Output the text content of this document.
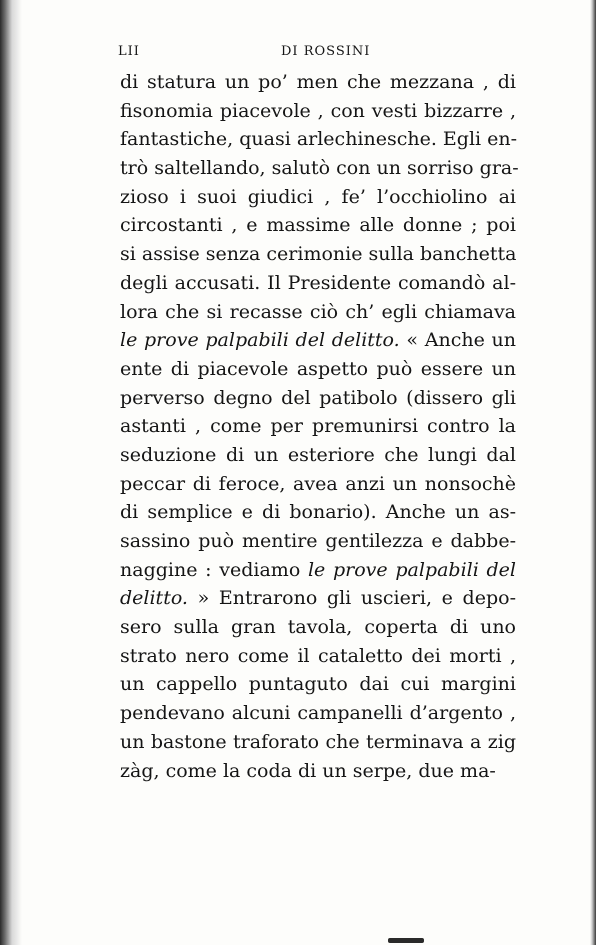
LII	DI ROSSINI
di statura un po’ men che mezzana , di
fisonomia piacevole , con vesti bizzarre ,
fantastiche, quasi arlechinesche. Egli en-
trò saltellando, salutò con un sorriso gra-
zioso i suoi giudici , fe’ l’occhiolino ai
circostanti , e massime alle donne ; poi
si assise senza cerimonie sulla banchetta
degli accusati. Il Presidente comandò al-
lora che si recasse ciò ch’ egli chiamava
le prove palpabili del delitto. « Anche un
ente di piacevole aspetto può essere un
perverso degno del patibolo (dissero gli
astanti , come per premunirsi contro la
seduzione di un esteriore che lungi dal
peccar di feroce, avea anzi un nonsochè
di semplice e di bonario). Anche un as-
sassino può mentire gentilezza e dabbe-
naggine : vediamo le prove palpabili del
delitto. » Entrarono gli uscieri, e depo-
sero sulla gran tavola, coperta di uno
strato nero come il cataletto dei morti ,
un cappello puntaguto dai cui margini
pendevano alcuni campanelli d’argento ,
un bastone traforato che terminava a zig
zàg, come la coda di un serpe, due ma-
